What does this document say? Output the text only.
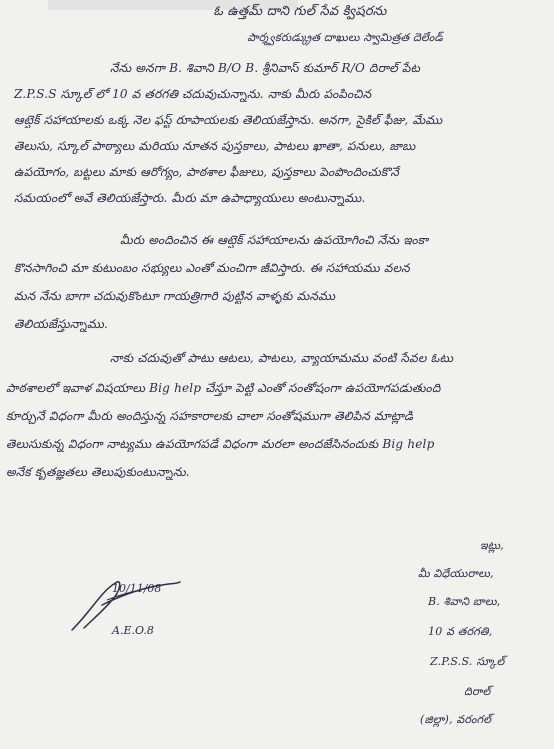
ఓ ఉత్తమ్ దాని గుల్ సేవ క్విషరను
పార్శ్వకరుడ్క్రుత దాఖులు స్వామిత్రత దెలేండ్
నేను అనగా B. శివాని B/O B. శ్రీనివాస్ కుమార్ R/O దిరాల్ పేట
Z.P.S.S స్కూల్ లో 10 వ తరగతి చదువుచున్నాను. నాకు మీరు పంపించిన
ఆట్షెక్ సహాయాలకు ఒక్క నెల ఫస్ట్ రూపాయలకు తెలియజేస్తాను. అనగా, సైకిల్ ఫీజు, మేము
తెలుసు, స్కూల్ పాఠ్యాలు మరియు నూతన పుస్తకాలు, పాటలు ఖాతా, పనులు, జాబు
ఉపయోగం, బట్టలు మాకు ఆరోగ్యం, పాఠశాల ఫీజులు, పుస్తకాలు పెంపొందించుకొనే
సమయంలో అవే తెలియజేస్తారు. మీరు మా ఉపాధ్యాయులు అంటున్నాము.
మీరు అందించిన ఈ ఆట్షెక్ సహాయాలను ఉపయోగించి నేను ఇంకా
కొనసాగించి మా కుటుంబం సభ్యులు ఎంతో మంచిగా జీవిస్తారు. ఈ సహాయము వలన
మన నేను బాగా చదువుకొంటూ గాయత్రిగారి పుట్టిన వాళ్ళకు మనము
తెలియజేస్తున్నాము.
నాకు చదువుతో పాటు ఆటలు, పాటలు, వ్యాయామము వంటి సేవల ఓటు
పాఠశాలలో ఇవాళ విషయాలు Big help చేస్తూ పెట్టి ఎంతో సంతోషంగా ఉపయోగపడుతుంది
కూర్చునే విధంగా మీరు అందిస్తున్న సహకారాలకు చాలా సంతోషముగా తెలిపిన మాట్లాడి
తెలుసుకున్న విధంగా నాట్యము ఉపయోగపడే విధంగా మరలా అందజేసినందుకు Big help
అనేక కృతజ్ఞతలు తెలుపుకుంటున్నాను.
10/11/08
A.E.O.8
ఇట్లు,
మీ విధేయురాలు,
B. శివాని బాలు,
10 వ తరగతి,
Z.P.S.S. స్కూల్
దిరాల్
(జిల్లా), వరంగల్
